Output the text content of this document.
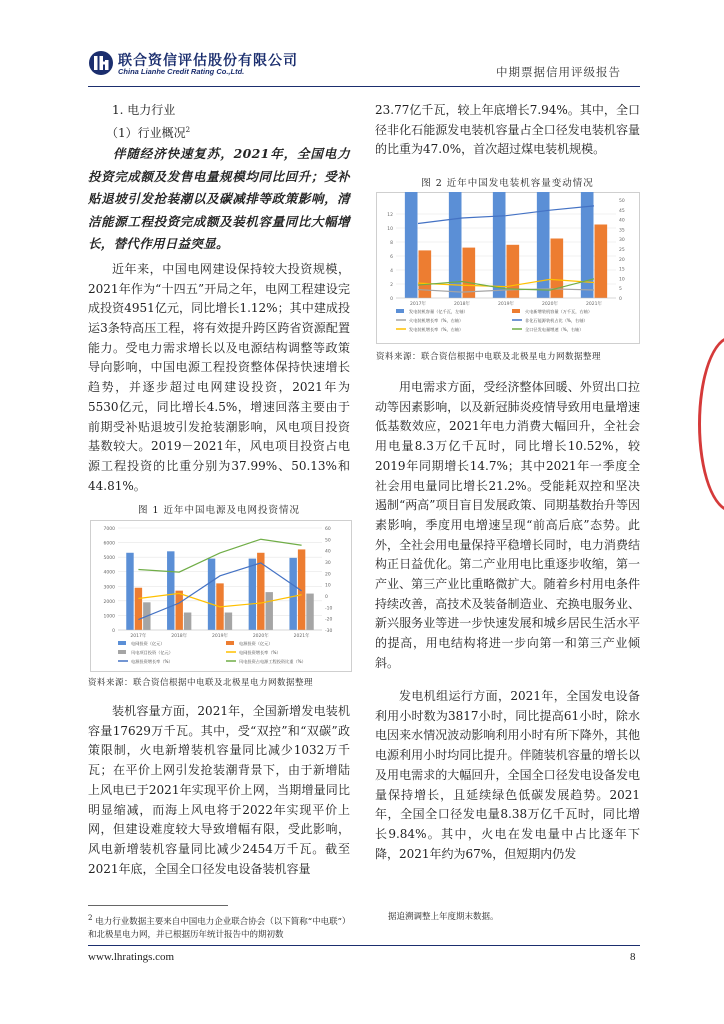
联合资信评估股份有限公司
China Lianhe Credit Rating Co.,Ltd.	中期票据信用评级报告

1. 电力行业

（1）行业概况$^2$

伴随经济快速复苏，2021年，全国电力投资完成额及发售电量规模均同比回升；受补贴退坡引发抢装潮以及碳减排等政策影响，清洁能源工程投资完成额及装机容量同比大幅增长，替代作用日益突显。

近年来，中国电网建设保持较大投资规模，2021年作为“十四五”开局之年，电网工程建设完成投资4951亿元，同比增长1.12%；其中建成投运3条特高压工程，将有效提升跨区跨省资源配置能力。受电力需求增长以及电源结构调整等政策导向影响，中国电源工程投资整体保持快速增长趋势，并逐步超过电网建设投资，2021年为5530亿元，同比增长4.5%，增速回落主要由于前期受补贴退坡引发抢装潮影响，风电项目投资基数较大。2019－2021年，风电项目投资占电源工程投资的比重分别为37.99%、50.13%和44.81%。

图 1 近年中国电源及电网投资情况
0
1000
2000
3000
4000
5000
6000
7000
-30
-20
-10
0
10
20
30
40
50
60
2017年	2018年	2019年	2020年	2021年
电网投资（亿元）	电源投资（亿元）
风电项目投资（亿元）	电网投资增长率（%）
电源投资增长率（%）	风电投资占电源工程投资比重（%）
资料来源：联合资信根据中电联及北极星电力网数据整理

装机容量方面，2021年，全国新增发电装机容量17629万千瓦。其中，受“双控”和“双碳”政策限制，火电新增装机容量同比减少1032万千瓦；在平价上网引发抢装潮背景下，由于新增陆上风电已于2021年实现平价上网，当期增量同比明显缩减，而海上风电将于2022年实现平价上网，但建设难度较大导致增幅有限，受此影响，风电新增装机容量同比减少2454万千瓦。截至2021年底，全国全口径发电设备装机容量

23.77亿千瓦，较上年底增长7.94%。其中，全口径非化石能源发电装机容量占全口径发电装机容量的比重为47.0%，首次超过煤电装机规模。

图 2 近年中国发电装机容量变动情况
0
2
4
6
8
10
12
0
5
10
15
20
25
30
35
40
45
50
2017年	2018年	2019年	2020年	2021年
发电装机容量（亿千瓦，左轴）	火电新增装机容量（万千瓦，右轴）
火电装机增长率（%，右轴）	非化石能源装机占比（%，右轴）
发电装机增长率（%，右轴）	全口径发电量增速（%，右轴）
资料来源：联合资信根据中电联及北极星电力网数据整理

用电需求方面，受经济整体回暖、外贸出口拉动等因素影响，以及新冠肺炎疫情导致用电量增速低基数效应，2021年电力消费大幅回升，全社会用电量8.3万亿千瓦时，同比增长10.52%，较2019年同期增长14.7%；其中2021年一季度全社会用电量同比增长21.2%。受能耗双控和坚决遏制“两高”项目盲目发展政策、同期基数抬升等因素影响，季度用电增速呈现“前高后底”态势。此外，全社会用电量保持平稳增长同时，电力消费结构正日益优化。第二产业用电比重逐步收缩，第一产业、第三产业比重略微扩大。随着乡村用电条件持续改善，高技术及装备制造业、充换电服务业、新兴服务业等进一步快速发展和城乡居民生活水平的提高，用电结构将进一步向第一和第三产业倾斜。

发电机组运行方面，2021年，全国发电设备利用小时数为3817小时，同比提高61小时，除水电因来水情况波动影响利用小时有所下降外，其他电源利用小时均同比提升。伴随装机容量的增长以及用电需求的大幅回升，全国全口径发电设备发电量保持增长，且延续绿色低碳发展趋势。2021年，全国全口径发电量8.38万亿千瓦时，同比增长9.84%。其中，火电在发电量中占比逐年下降，2021年约为67%，但短期内仍发

$^2$ 电力行业数据主要来自中国电力企业联合协会（以下简称“中电联”）和北极星电力网，并已根据历年统计报告中的期初数
据追溯调整上年度期末数据。
www.lhratings.com	8
